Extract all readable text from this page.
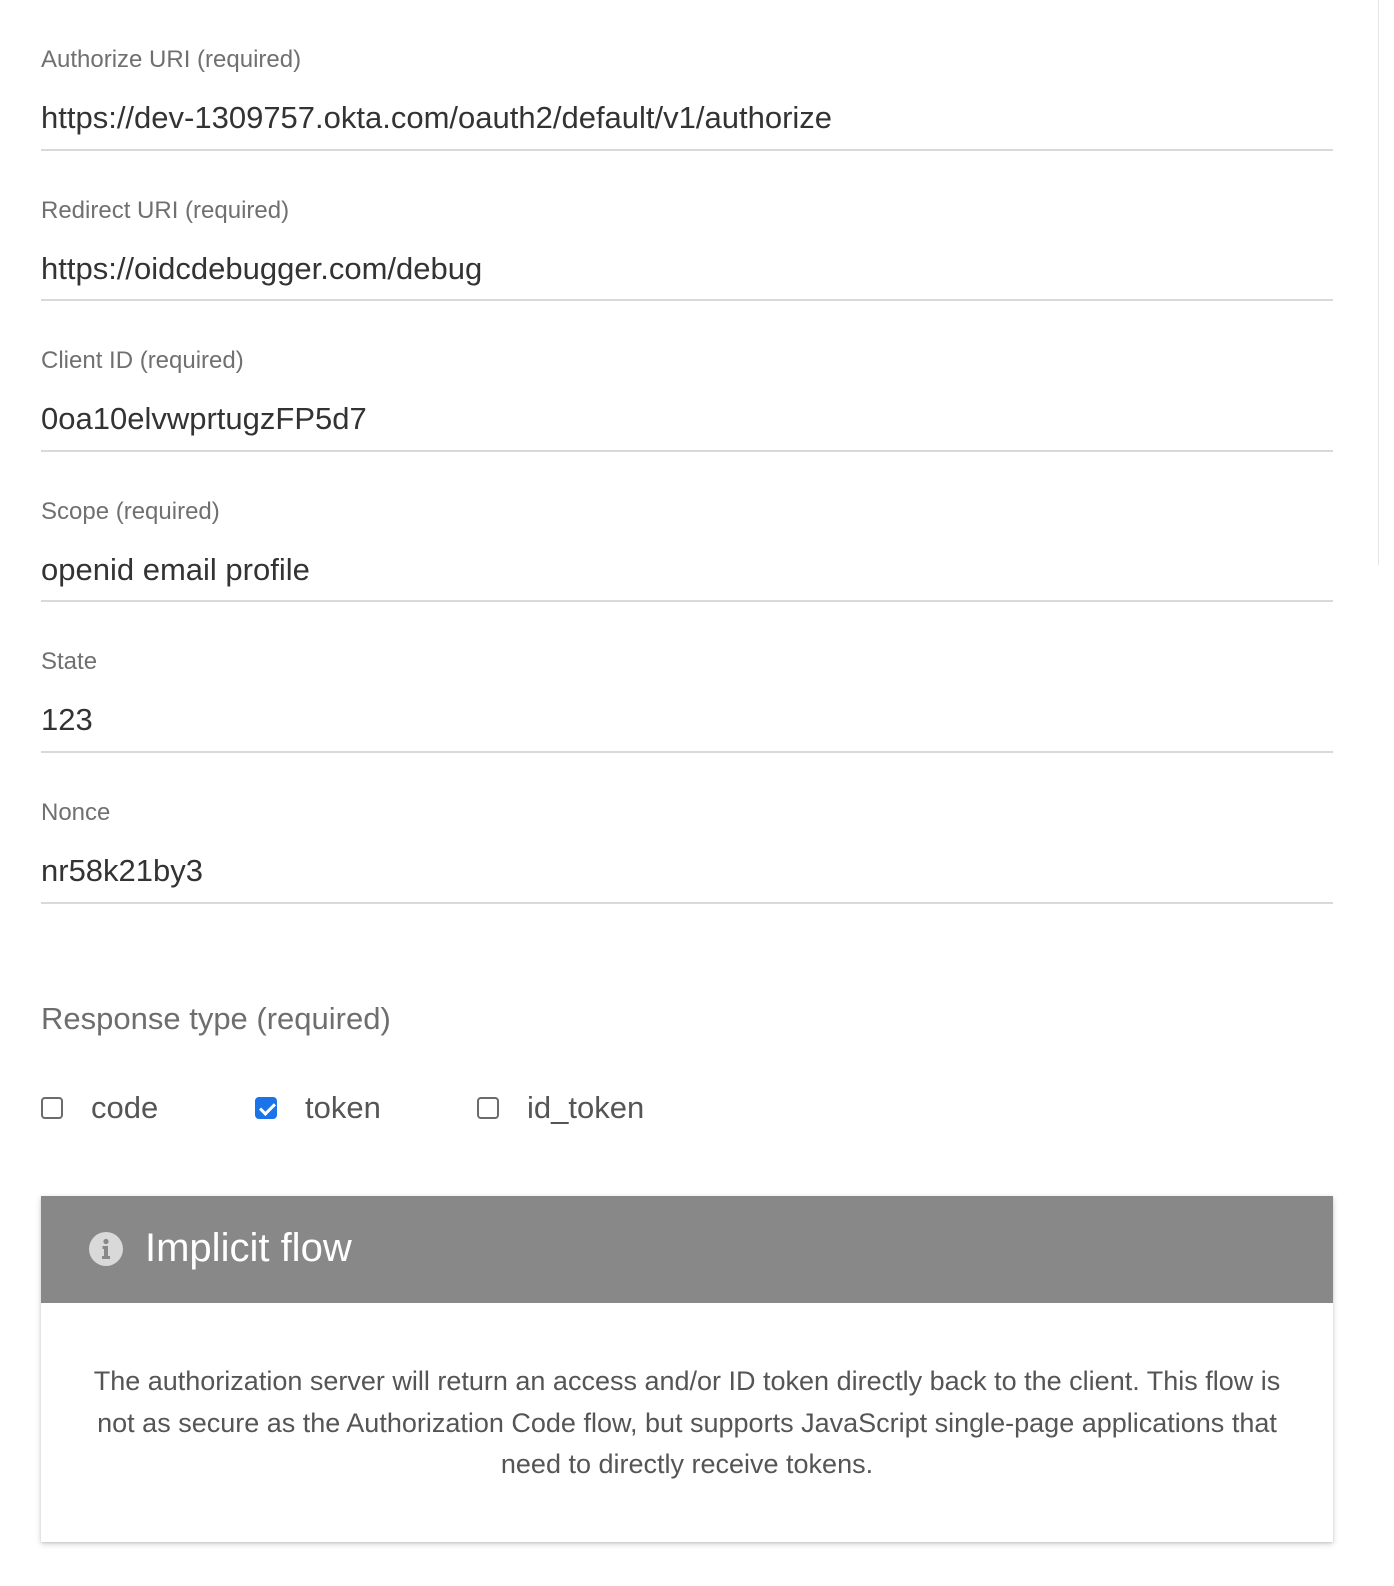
Authorize URI (required)
https://dev-1309757.okta.com/oauth2/default/v1/authorize
Redirect URI (required)
https://oidcdebugger.com/debug
Client ID (required)
0oa10elvwprtugzFP5d7
Scope (required)
openid email profile
State
123
Nonce
nr58k21by3
Response type (required)
code	token	id_token
Implicit flow
The authorization server will return an access and/or ID token directly back to the client. This flow is not as secure as the Authorization Code flow, but supports JavaScript single-page applications that need to directly receive tokens.
